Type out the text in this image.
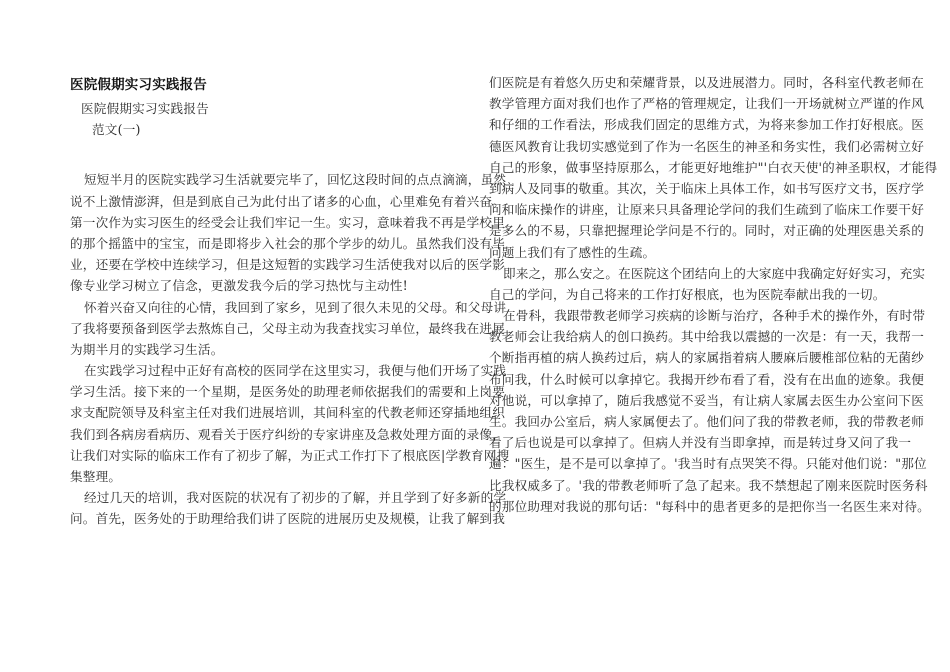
医院假期实习实践报告
医院假期实习实践报告
范文(一)
短短半月的医院实践学习生活就要完毕了，回忆这段时间的点点滴滴，虽然
说不上激情澎湃，但是到底自己为此付出了诸多的心血，心里难免有着兴奋。
第一次作为实习医生的经受会让我们牢记一生。实习，意味着我不再是学校里
的那个摇篮中的宝宝，而是即将步入社会的那个学步的幼儿。虽然我们没有毕
业，还要在学校中连续学习，但是这短暂的实践学习生活使我对以后的医学影
像专业学习树立了信念，更激发我今后的学习热忱与主动性!
怀着兴奋又向往的心情，我回到了家乡，见到了很久未见的父母。和父母讲
了我将要预备到医学去熬炼自己，父母主动为我查找实习单位，最终我在进展
为期半月的实践学习生活。
在实践学习过程中正好有高校的医同学在这里实习，我便与他们开场了实践
学习生活。接下来的一个星期，是医务处的助理老师依据我们的需要和上岗要
求支配院领导及科室主任对我们进展培训，其间科室的代教老师还穿插地组织
我们到各病房看病历、观看关于医疗纠纷的专家讲座及急救处理方面的录像，
让我们对实际的临床工作有了初步了解，为正式工作打下了根底医|学教育网搜
集整理。
经过几天的培训，我对医院的状况有了初步的了解，并且学到了好多新的学
问。首先，医务处的于助理给我们讲了医院的进展历史及规模，让我了解到我
们医院是有着悠久历史和荣耀背景，以及进展潜力。同时，各科室代教老师在
教学管理方面对我们也作了严格的管理规定，让我们一开场就树立严谨的作风
和仔细的工作看法，形成我们固定的思维方式，为将来参加工作打好根底。医
德医风教育让我切实感觉到了作为一名医生的神圣和务实性，我们必需树立好
自己的形象，做事坚持原那么，才能更好地维护"'白衣天使'的神圣职权，才能得
到病人及同事的敬重。其次，关于临床上具体工作，如书写医疗文书，医疗学
问和临床操作的讲座，让原来只具备理论学问的我们生疏到了临床工作要干好
是多么的不易，只靠把握理论学问是不行的。同时，对正确的处理医患关系的
问题上我们有了感性的生疏。
即来之，那么安之。在医院这个团结向上的大家庭中我确定好好实习，充实
自己的学问，为自己将来的工作打好根底，也为医院奉献出我的一切。
在骨科，我跟带教老师学习疾病的诊断与治疗，各种手术的操作外，有时带
教老师会让我给病人的创口换药。其中给我以震撼的一次是：有一天，我帮一
个断指再植的病人换药过后，病人的家属指着病人腰麻后腰椎部位粘的无菌纱
布问我，什么时候可以拿掉它。我揭开纱布看了看，没有在出血的迹象。我便
对他说，可以拿掉了，随后我感觉不妥当，有让病人家属去医生办公室问下医
生。我回办公室后，病人家属便去了。他们问了我的带教老师，我的带教老师
看了后也说是可以拿掉了。但病人并没有当即拿掉，而是转过身又问了我一
遍："医生，是不是可以拿掉了。'我当时有点哭笑不得。只能对他们说："那位
比我权威多了。'我的带教老师听了急了起来。我不禁想起了刚来医院时医务科
的那位助理对我说的那句话："每科中的患者更多的是把你当一名医生来对待。
